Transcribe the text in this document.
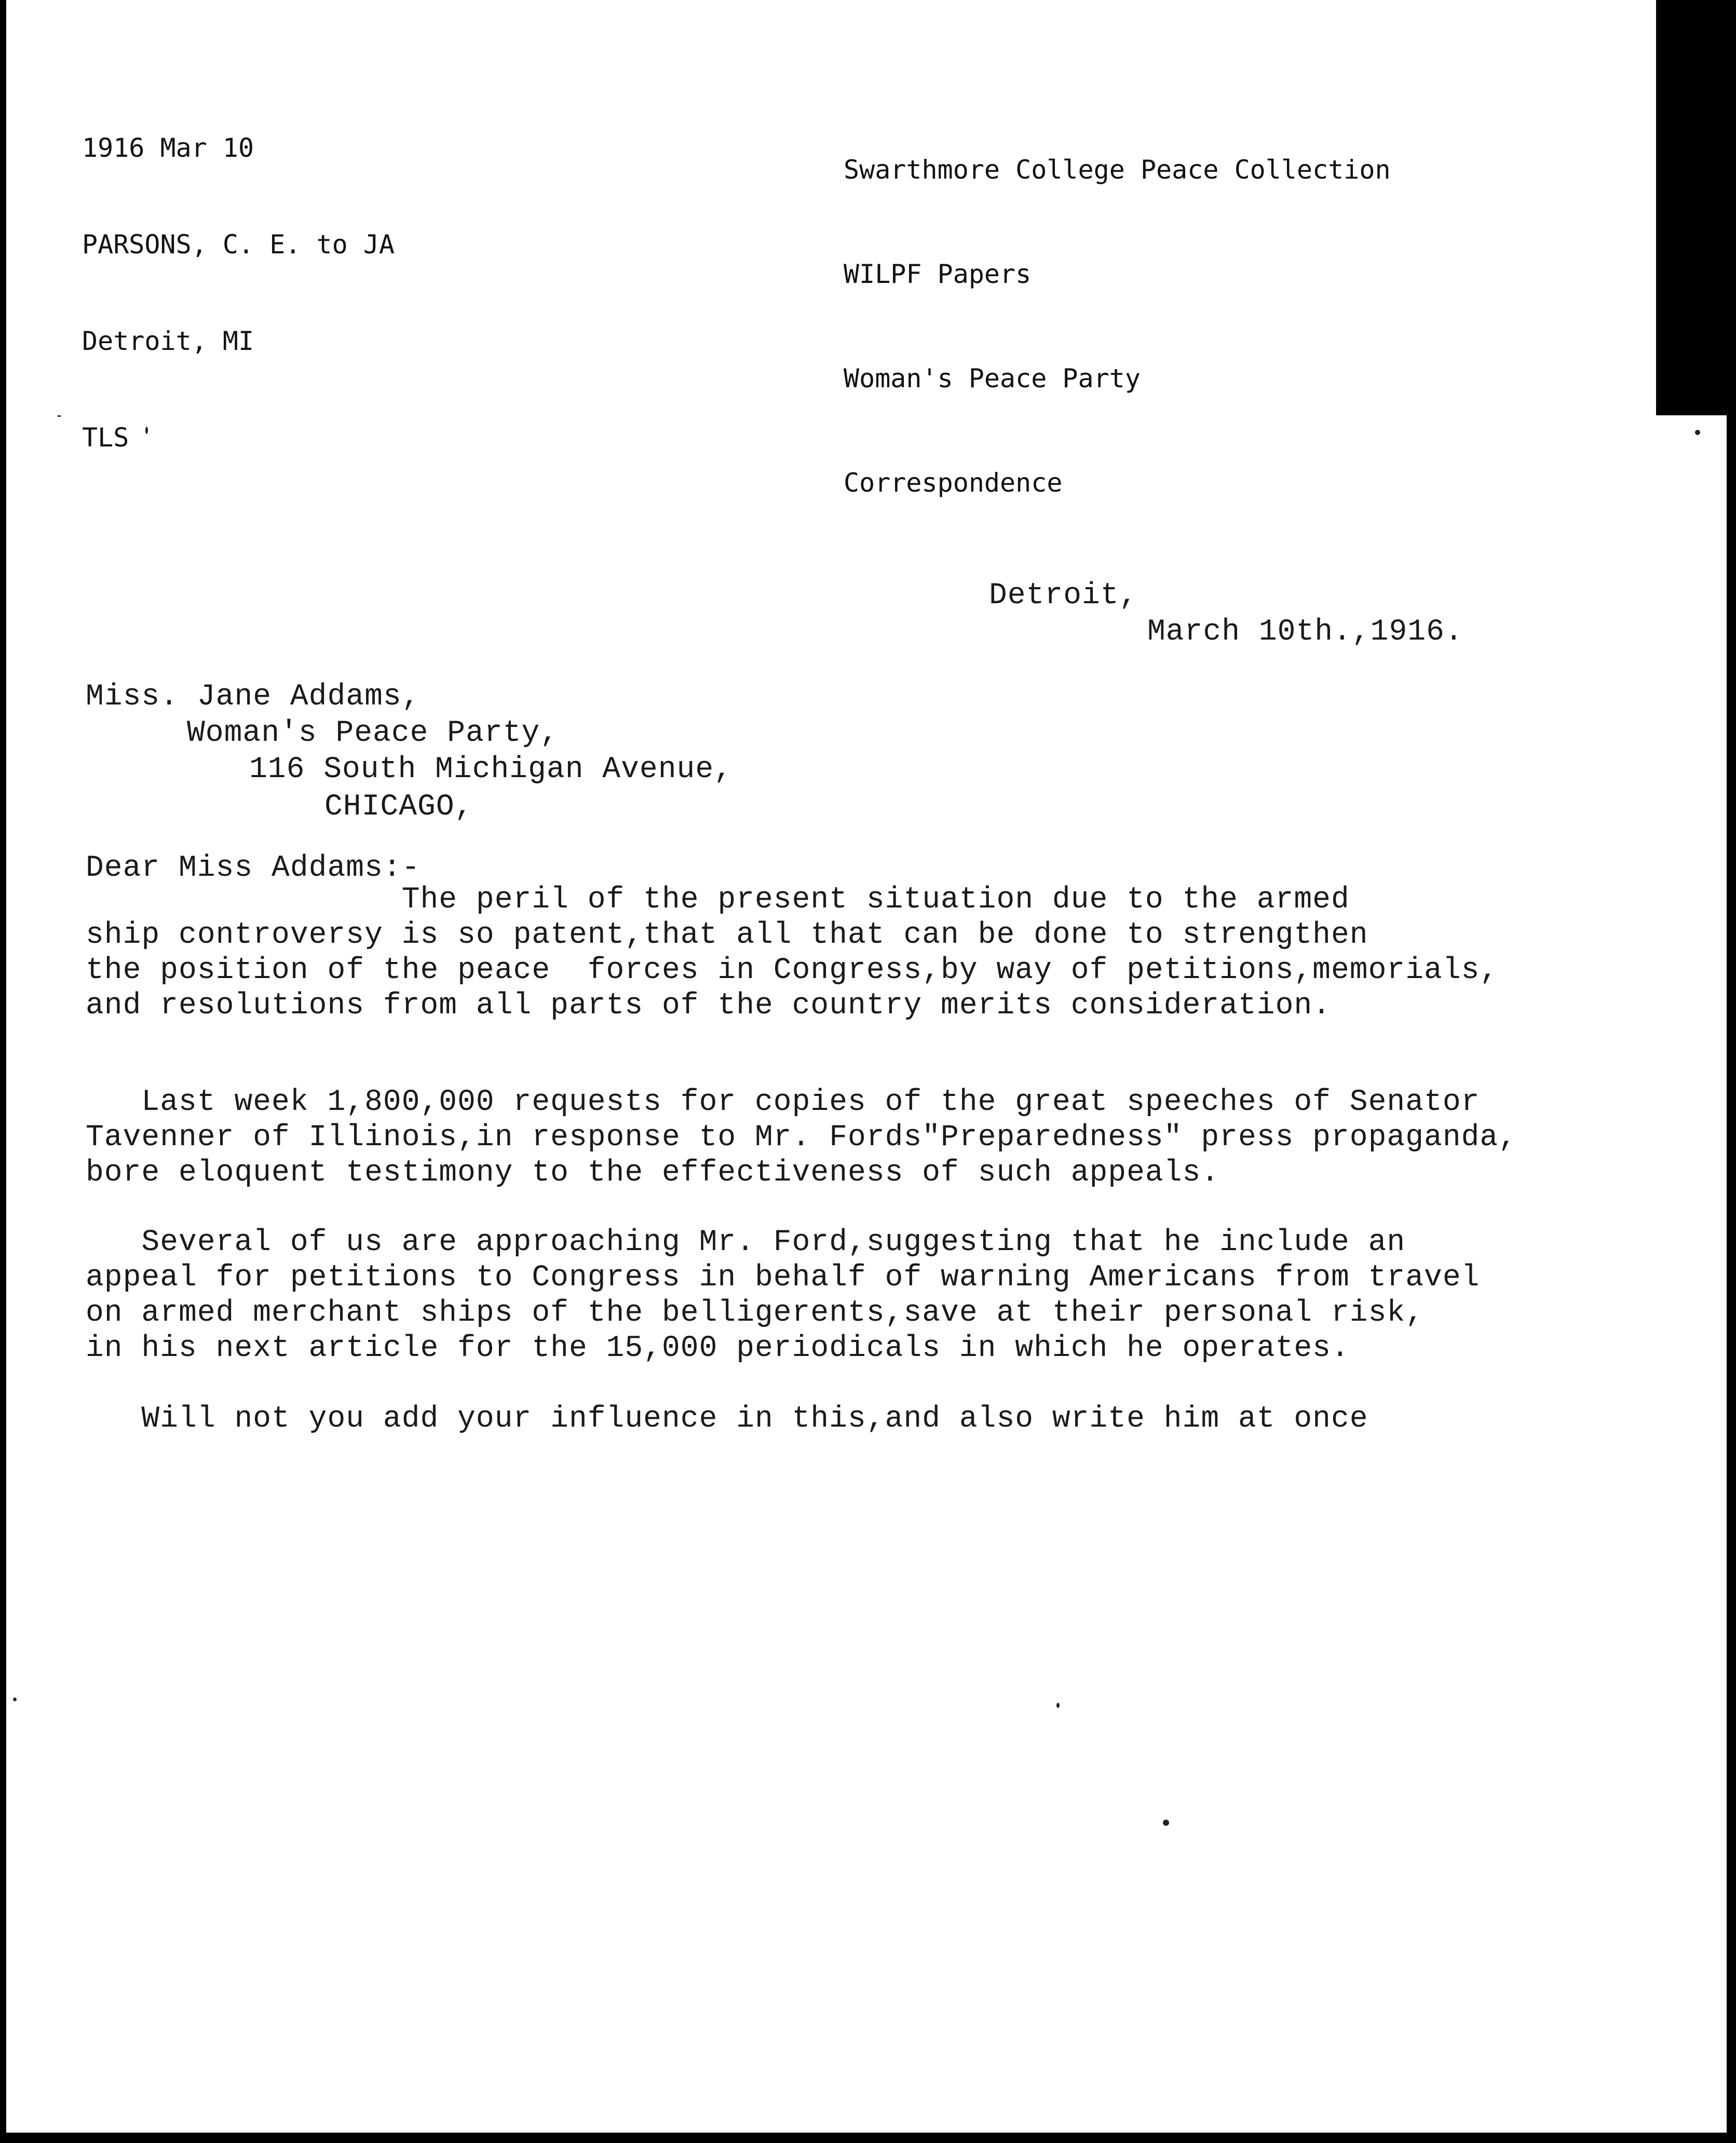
1916 Mar 10

PARSONS, C. E. to JA

Detroit, MI

TLS

Swarthmore College Peace Collection

WILPF Papers

Woman's Peace Party

Correspondence

Detroit,
March 10th.,1916.
Miss. Jane Addams,
Woman's Peace Party,
116 South Michigan Avenue,
CHICAGO,
Dear Miss Addams:-
The peril of the present situation due to the armed
ship controversy is so patent,that all that can be done to strengthen
the position of the peace  forces in Congress,by way of petitions,memorials,
and resolutions from all parts of the country merits consideration.
Last week 1,800,000 requests for copies of the great speeches of Senator
Tavenner of Illinois,in response to Mr. Fords"Preparedness" press propaganda,
bore eloquent testimony to the effectiveness of such appeals.
Several of us are approaching Mr. Ford,suggesting that he include an
appeal for petitions to Congress in behalf of warning Americans from travel
on armed merchant ships of the belligerents,save at their personal risk,
in his next article for the 15,000 periodicals in which he operates.
Will not you add your influence in this,and also write him at once
